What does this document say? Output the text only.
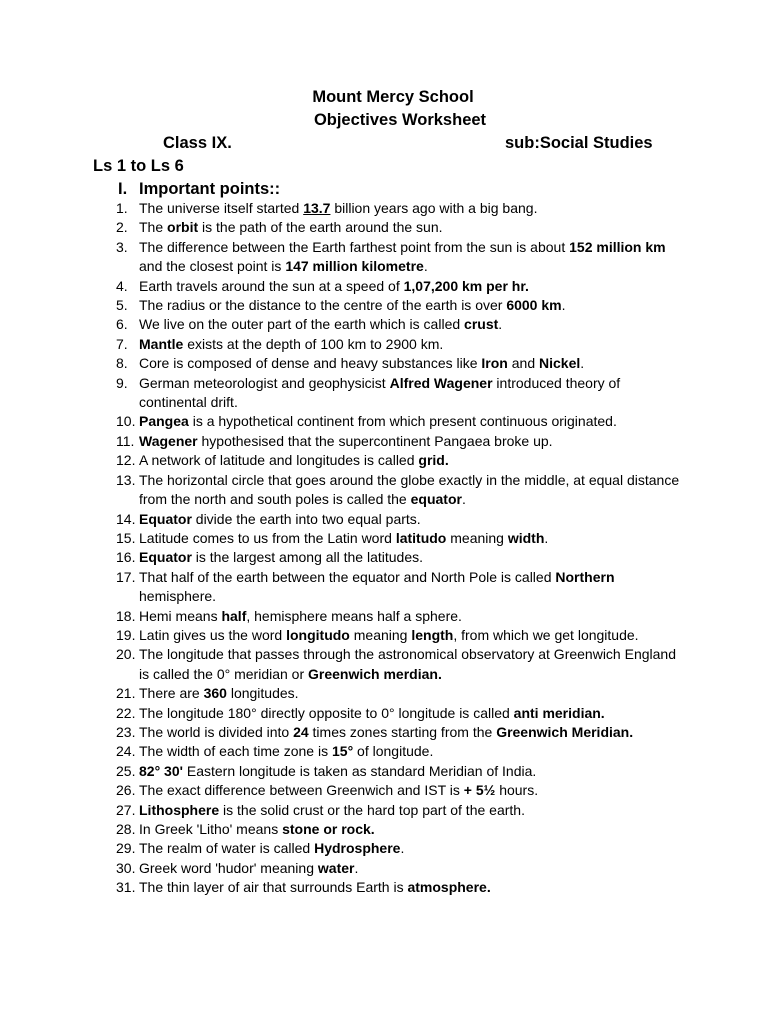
Mount Mercy School
Objectives Worksheet
Class IX.	sub:Social Studies
Ls 1 to Ls 6
I. Important points::
1. The universe itself started 13.7 billion years ago with a big bang.
2. The orbit is the path of the earth around the sun.
3. The difference between the Earth farthest point from the sun is about 152 million km and the closest point is 147 million kilometre.
4. Earth travels around the sun at a speed of 1,07,200 km per hr.
5. The radius or the distance to the centre of the earth is over 6000 km.
6. We live on the outer part of the earth which is called crust.
7. Mantle exists at the depth of 100 km to 2900 km.
8. Core is composed of dense and heavy substances like Iron and Nickel.
9. German meteorologist and geophysicist Alfred Wagener introduced theory of continental drift.
10. Pangea is a hypothetical continent from which present continuous originated.
11. Wagener hypothesised that the supercontinent Pangaea broke up.
12. A network of latitude and longitudes is called grid.
13. The horizontal circle that goes around the globe exactly in the middle, at equal distance from the north and south poles is called the equator.
14. Equator divide the earth into two equal parts.
15. Latitude comes to us from the Latin word latitudo meaning width.
16. Equator is the largest among all the latitudes.
17. That half of the earth between the equator and North Pole is called Northern hemisphere.
18. Hemi means half, hemisphere means half a sphere.
19. Latin gives us the word longitudo meaning length, from which we get longitude.
20. The longitude that passes through the astronomical observatory at Greenwich England is called the 0° meridian or Greenwich merdian.
21. There are 360 longitudes.
22. The longitude 180° directly opposite to 0° longitude is called anti meridian.
23. The world is divided into 24 times zones starting from the Greenwich Meridian.
24. The width of each time zone is 15° of longitude.
25. 82° 30' Eastern longitude is taken as standard Meridian of India.
26. The exact difference between Greenwich and IST is + 5½ hours.
27. Lithosphere is the solid crust or the hard top part of the earth.
28. In Greek 'Litho' means stone or rock.
29. The realm of water is called Hydrosphere.
30. Greek word 'hudor' meaning water.
31. The thin layer of air that surrounds Earth is atmosphere.
